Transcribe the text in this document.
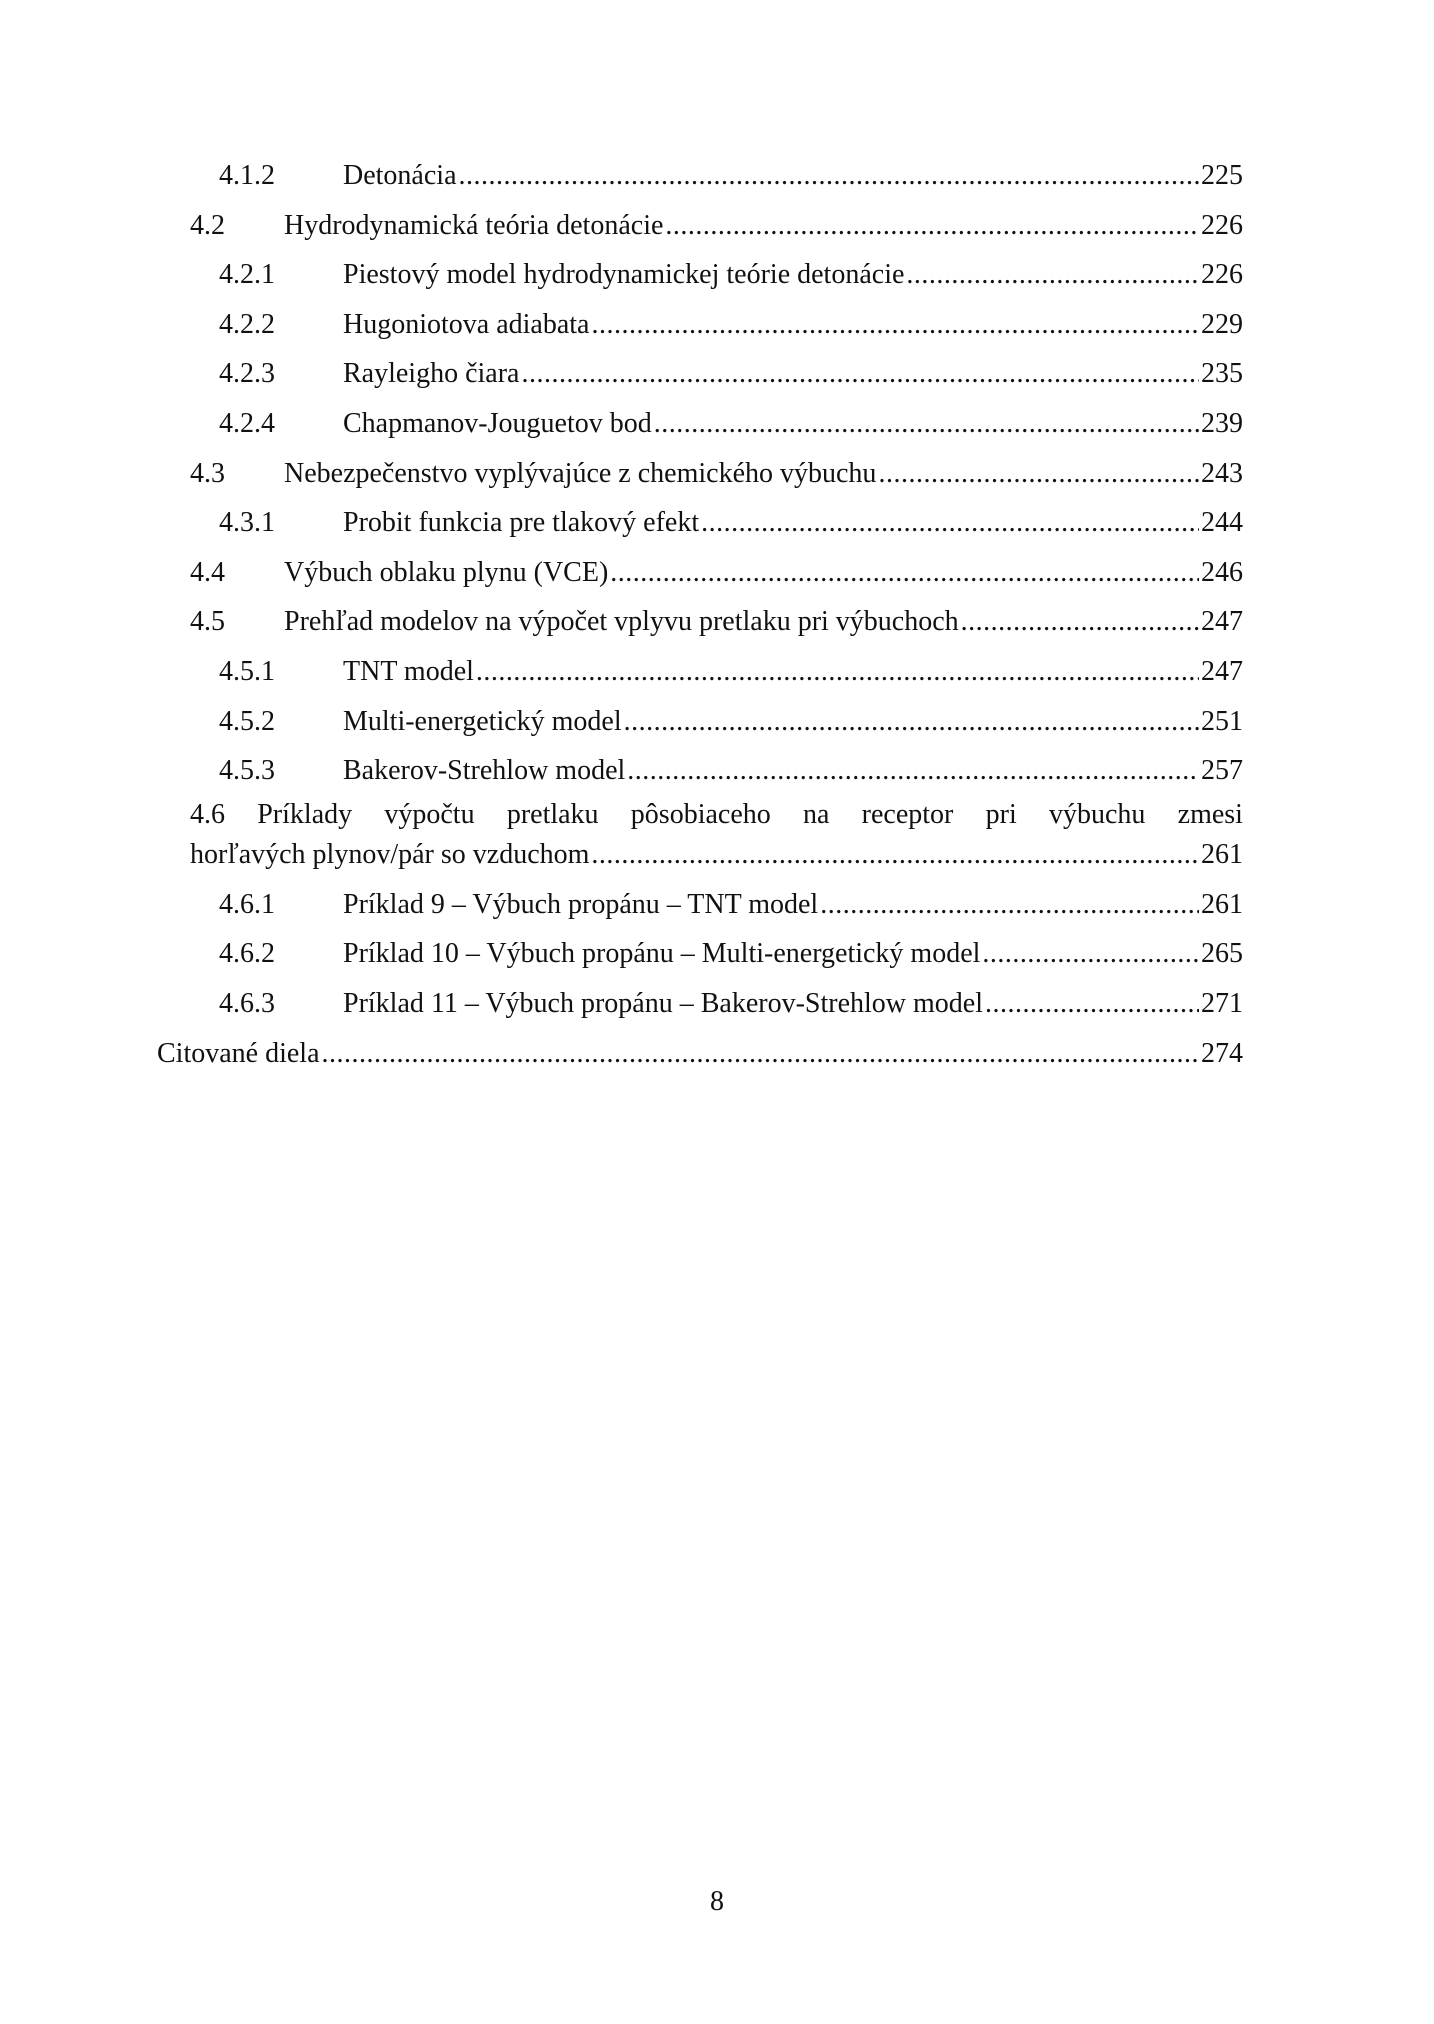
4.1.2	Detonácia .....	225
4.2	Hydrodynamická teória detonácie .....	226
4.2.1	Piestový model hydrodynamickej teórie detonácie .....	226
4.2.2	Hugoniotova adiabata .....	229
4.2.3	Rayleigho čiara .....	235
4.2.4	Chapmanov-Jouguetov bod .....	239
4.3	Nebezpečenstvo vyplývajúce z chemického výbuchu .....	243
4.3.1	Probit funkcia pre tlakový efekt .....	244
4.4	Výbuch oblaku plynu (VCE) .....	246
4.5	Prehľad modelov na výpočet vplyvu pretlaku pri výbuchoch .....	247
4.5.1	TNT model .....	247
4.5.2	Multi-energetický model .....	251
4.5.3	Bakerov-Strehlow model .....	257
4.6 Príklady výpočtu pretlaku pôsobiaceho na receptor pri výbuchu zmesi
horľavých plynov/pár so vzduchom .....	261
4.6.1	Príklad 9 – Výbuch propánu – TNT model .....	261
4.6.2	Príklad 10 – Výbuch propánu – Multi-energetický model .....	265
4.6.3	Príklad 11 – Výbuch propánu – Bakerov-Strehlow model .....	271
Citované diela .....	274
8
